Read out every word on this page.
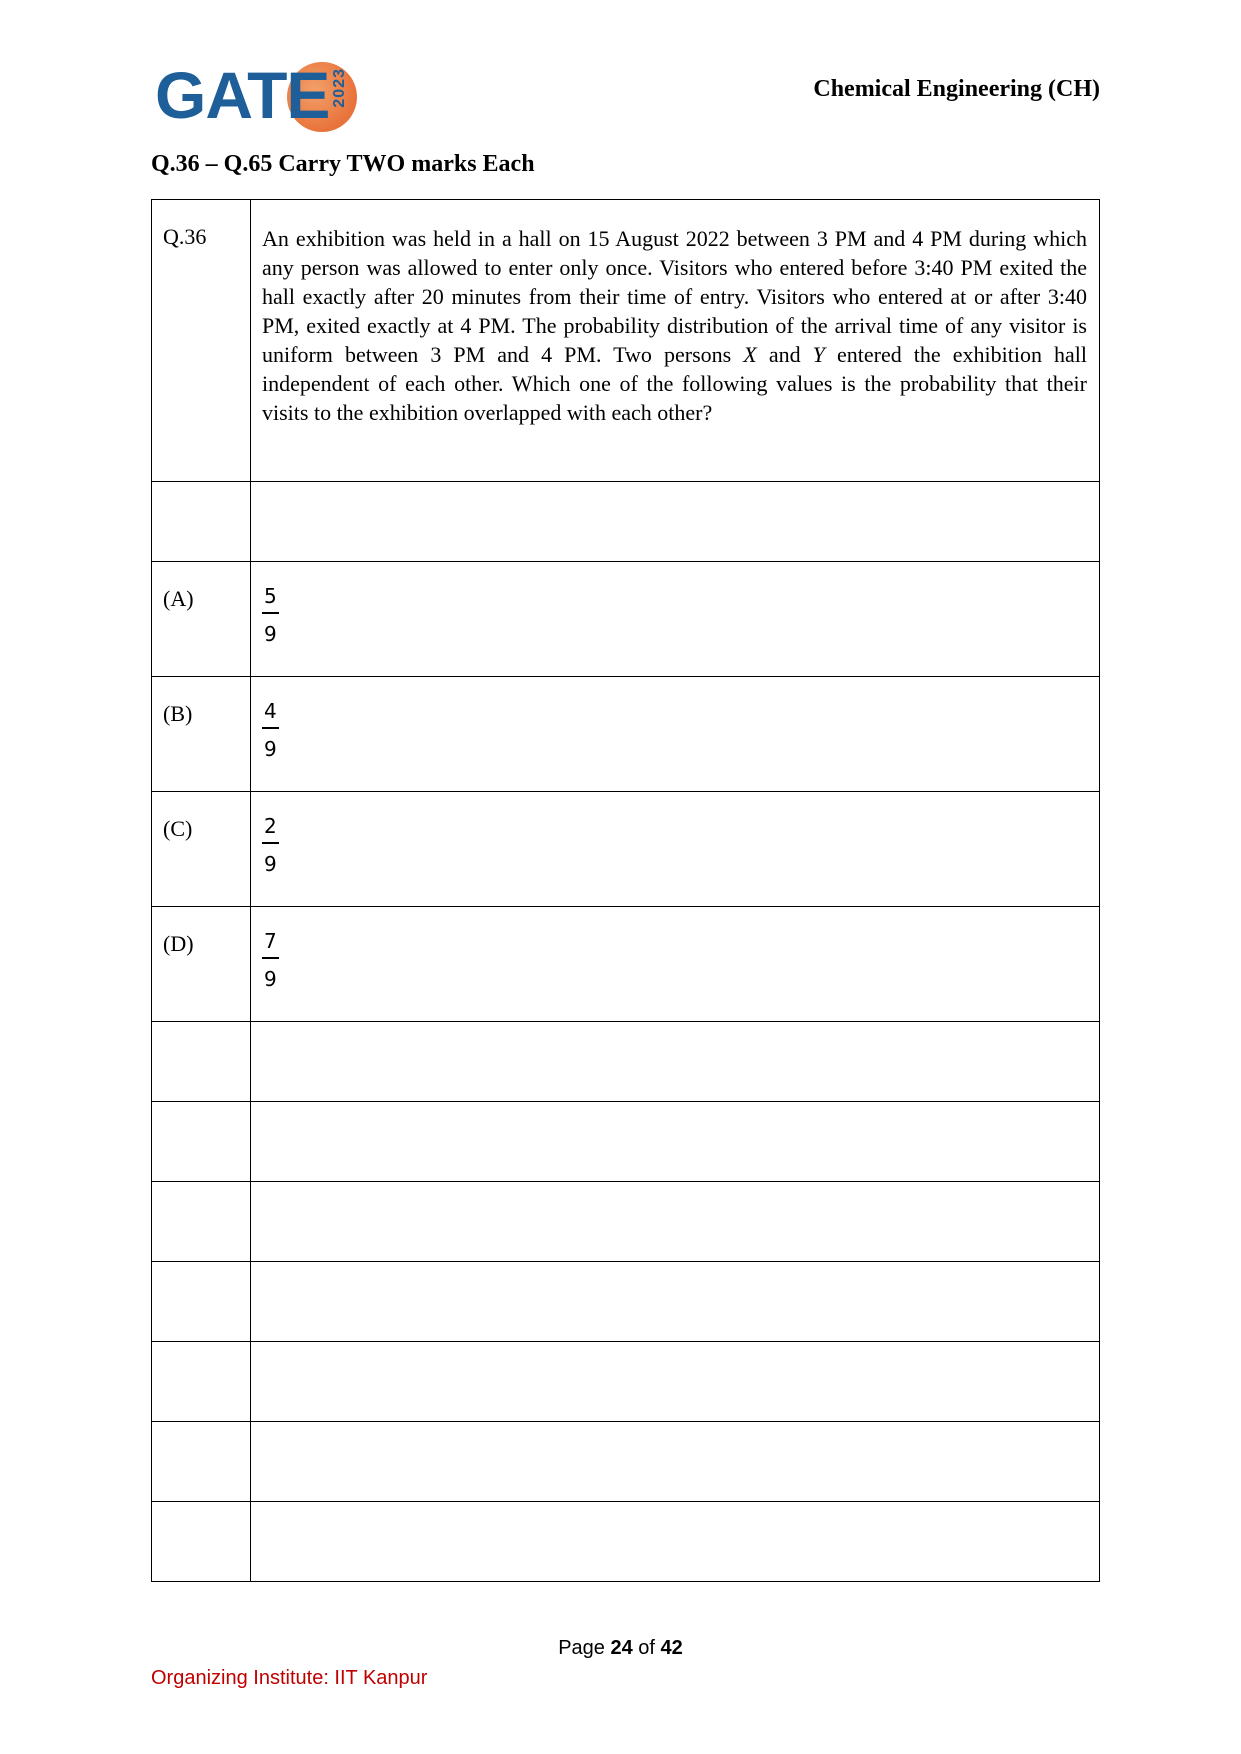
GATE 2023	Chemical Engineering (CH)
Q.36 – Q.65 Carry TWO marks Each
Q.36	An exhibition was held in a hall on 15 August 2022 between 3 PM and 4 PM during which any person was allowed to enter only once. Visitors who entered before 3:40 PM exited the hall exactly after 20 minutes from their time of entry. Visitors who entered at or after 3:40 PM, exited exactly at 4 PM. The probability distribution of the arrival time of any visitor is uniform between 3 PM and 4 PM. Two persons X and Y entered the exhibition hall independent of each other. Which one of the following values is the probability that their visits to the exhibition overlapped with each other?

(A)	$\frac{5}{9}$

(B)	$\frac{4}{9}$

(C)	$\frac{2}{9}$

(D)	$\frac{7}{9}$

Page 24 of 42
Organizing Institute: IIT Kanpur
